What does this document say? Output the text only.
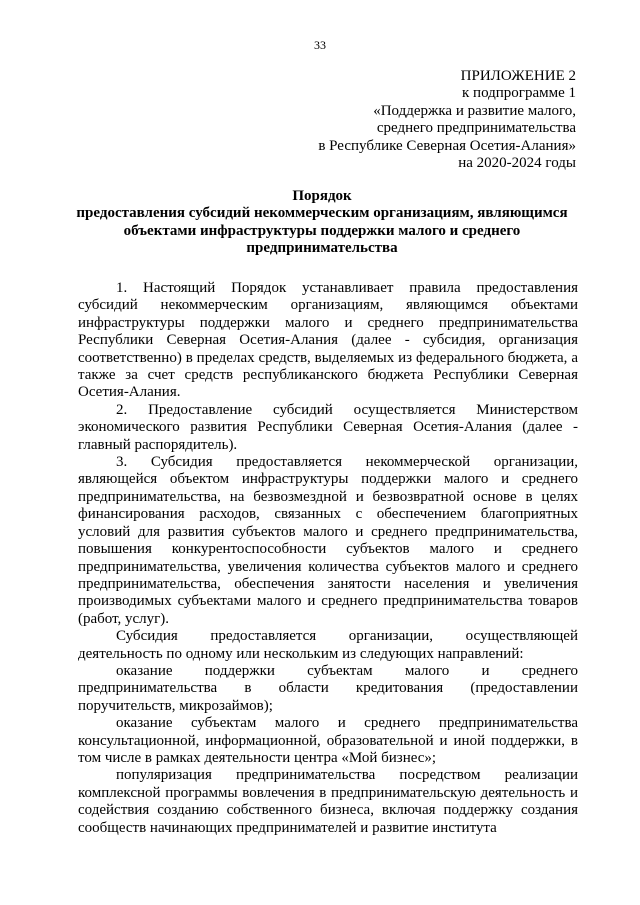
33
ПРИЛОЖЕНИЕ 2
к подпрограмме 1
«Поддержка и развитие малого,
среднего предпринимательства
в Республике Северная Осетия-Алания»
на 2020-2024 годы
Порядок
предоставления субсидий некоммерческим организациям, являющимся объектами инфраструктуры поддержки малого и среднего предпринимательства

1. Настоящий Порядок устанавливает правила предоставления субсидий некоммерческим организациям, являющимся объектами инфраструктуры поддержки малого и среднего предпринимательства Республики Северная Осетия-Алания (далее - субсидия, организация соответственно) в пределах средств, выделяемых из федерального бюджета, а также за счет средств республиканского бюджета Республики Северная Осетия-Алания.

2. Предоставление субсидий осуществляется Министерством экономического развития Республики Северная Осетия-Алания (далее - главный распорядитель).

3. Субсидия предоставляется некоммерческой организации, являющейся объектом инфраструктуры поддержки малого и среднего предпринимательства, на безвозмездной и безвозвратной основе в целях финансирования расходов, связанных с обеспечением благоприятных условий для развития субъектов малого и среднего предпринимательства, повышения конкурентоспособности субъектов малого и среднего предпринимательства, увеличения количества субъектов малого и среднего предпринимательства, обеспечения занятости населения и увеличения производимых субъектами малого и среднего предпринимательства товаров (работ, услуг).

Субсидия предоставляется организации, осуществляющей деятельность по одному или нескольким из следующих направлений:

оказание поддержки субъектам малого и среднего предпринимательства в области кредитования (предоставлении поручительств, микрозаймов);

оказание субъектам малого и среднего предпринимательства консультационной, информационной, образовательной и иной поддержки, в том числе в рамках деятельности центра «Мой бизнес»;

популяризация предпринимательства посредством реализации комплексной программы вовлечения в предпринимательскую деятельность и содействия созданию собственного бизнеса, включая поддержку создания сообществ начинающих предпринимателей и развитие института
